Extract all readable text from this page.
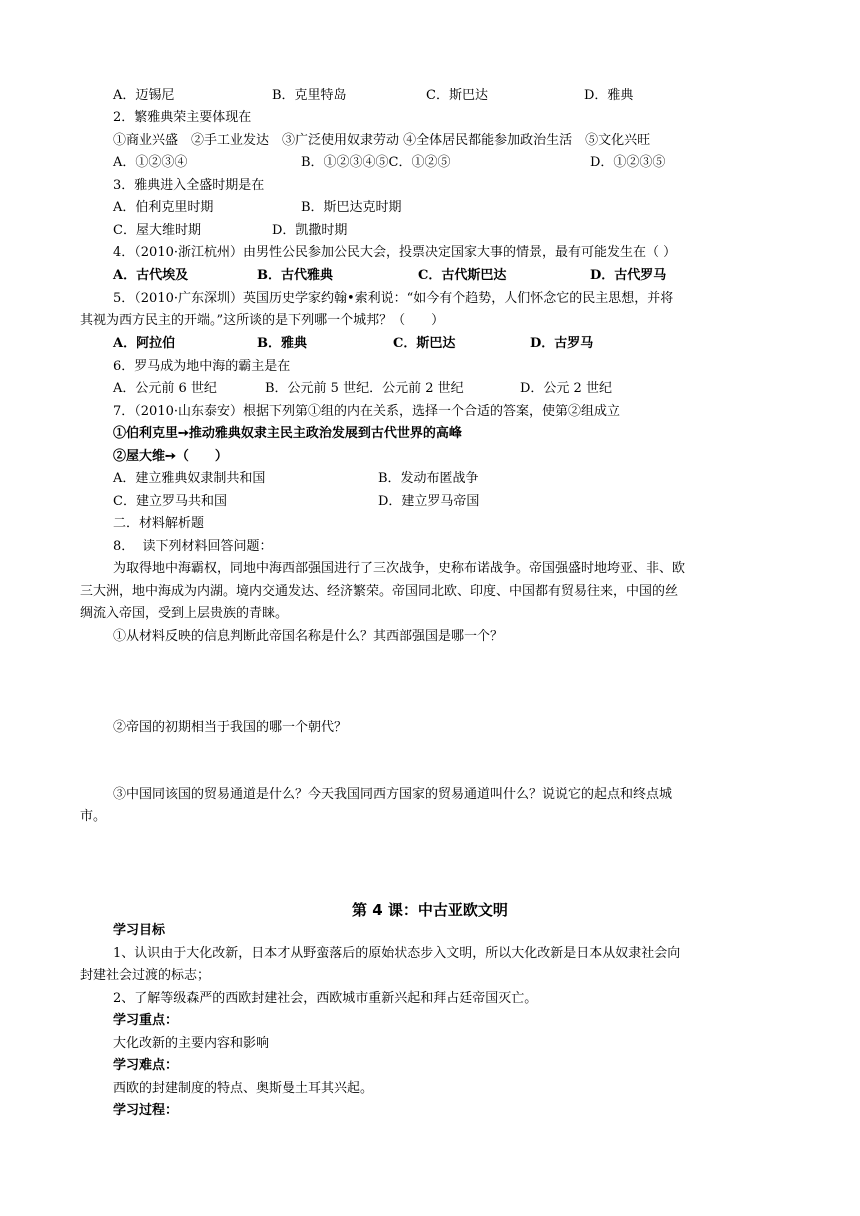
A．迈锡尼	B．克里特岛	C．斯巴达	D．雅典
2．繁雅典荣主要体现在
①商业兴盛　②手工业发达　③广泛使用奴隶劳动 ④全体居民都能参加政治生活　⑤文化兴旺
A．①②③④	B．①②③④⑤C．①②⑤	D．①②③⑤
3．雅典进入全盛时期是在
A．伯利克里时期	B．斯巴达克时期
C．屋大维时期	D．凯撒时期
4．（2010·浙江杭州）由男性公民参加公民大会，投票决定国家大事的情景，最有可能发生在（ ）
A．古代埃及	B．古代雅典	C．古代斯巴达	D．古代罗马
5．（2010·广东深圳）英国历史学家约翰•索利说：“如今有个趋势，人们怀念它的民主思想，并将
其视为西方民主的开端。”这所谈的是下列哪一个城邦？（　　）
A．阿拉伯	B．雅典	C．斯巴达	D．古罗马
6．罗马成为地中海的霸主是在
A．公元前 6 世纪	B．公元前 5 世纪．公元前 2 世纪	D．公元 2 世纪
7．（2010·山东泰安）根据下列第①组的内在关系，选择一个合适的答案，使第②组成立
①伯利克里➙推动雅典奴隶主民主政治发展到古代世界的高峰
②屋大维➙（　　）
A．建立雅典奴隶制共和国	B．发动布匿战争
C．建立罗马共和国	D．建立罗马帝国
二．材料解析题
8．  读下列材料回答问题：
为取得地中海霸权，同地中海西部强国进行了三次战争，史称布诺战争。帝国强盛时地垮亚、非、欧
三大洲，地中海成为内湖。境内交通发达、经济繁荣。帝国同北欧、印度、中国都有贸易往来，中国的丝
绸流入帝国，受到上层贵族的青睐。
①从材料反映的信息判断此帝国名称是什么？其西部强国是哪一个？
②帝国的初期相当于我国的哪一个朝代？
③中国同该国的贸易通道是什么？今天我国同西方国家的贸易通道叫什么？说说它的起点和终点城
市。
第 4 课：中古亚欧文明
学习目标
1、认识由于大化改新，日本才从野蛮落后的原始状态步入文明，所以大化改新是日本从奴隶社会向
封建社会过渡的标志；
2、了解等级森严的西欧封建社会，西欧城市重新兴起和拜占廷帝国灭亡。
学习重点：
大化改新的主要内容和影响
学习难点：
西欧的封建制度的特点、奥斯曼土耳其兴起。
学习过程：
